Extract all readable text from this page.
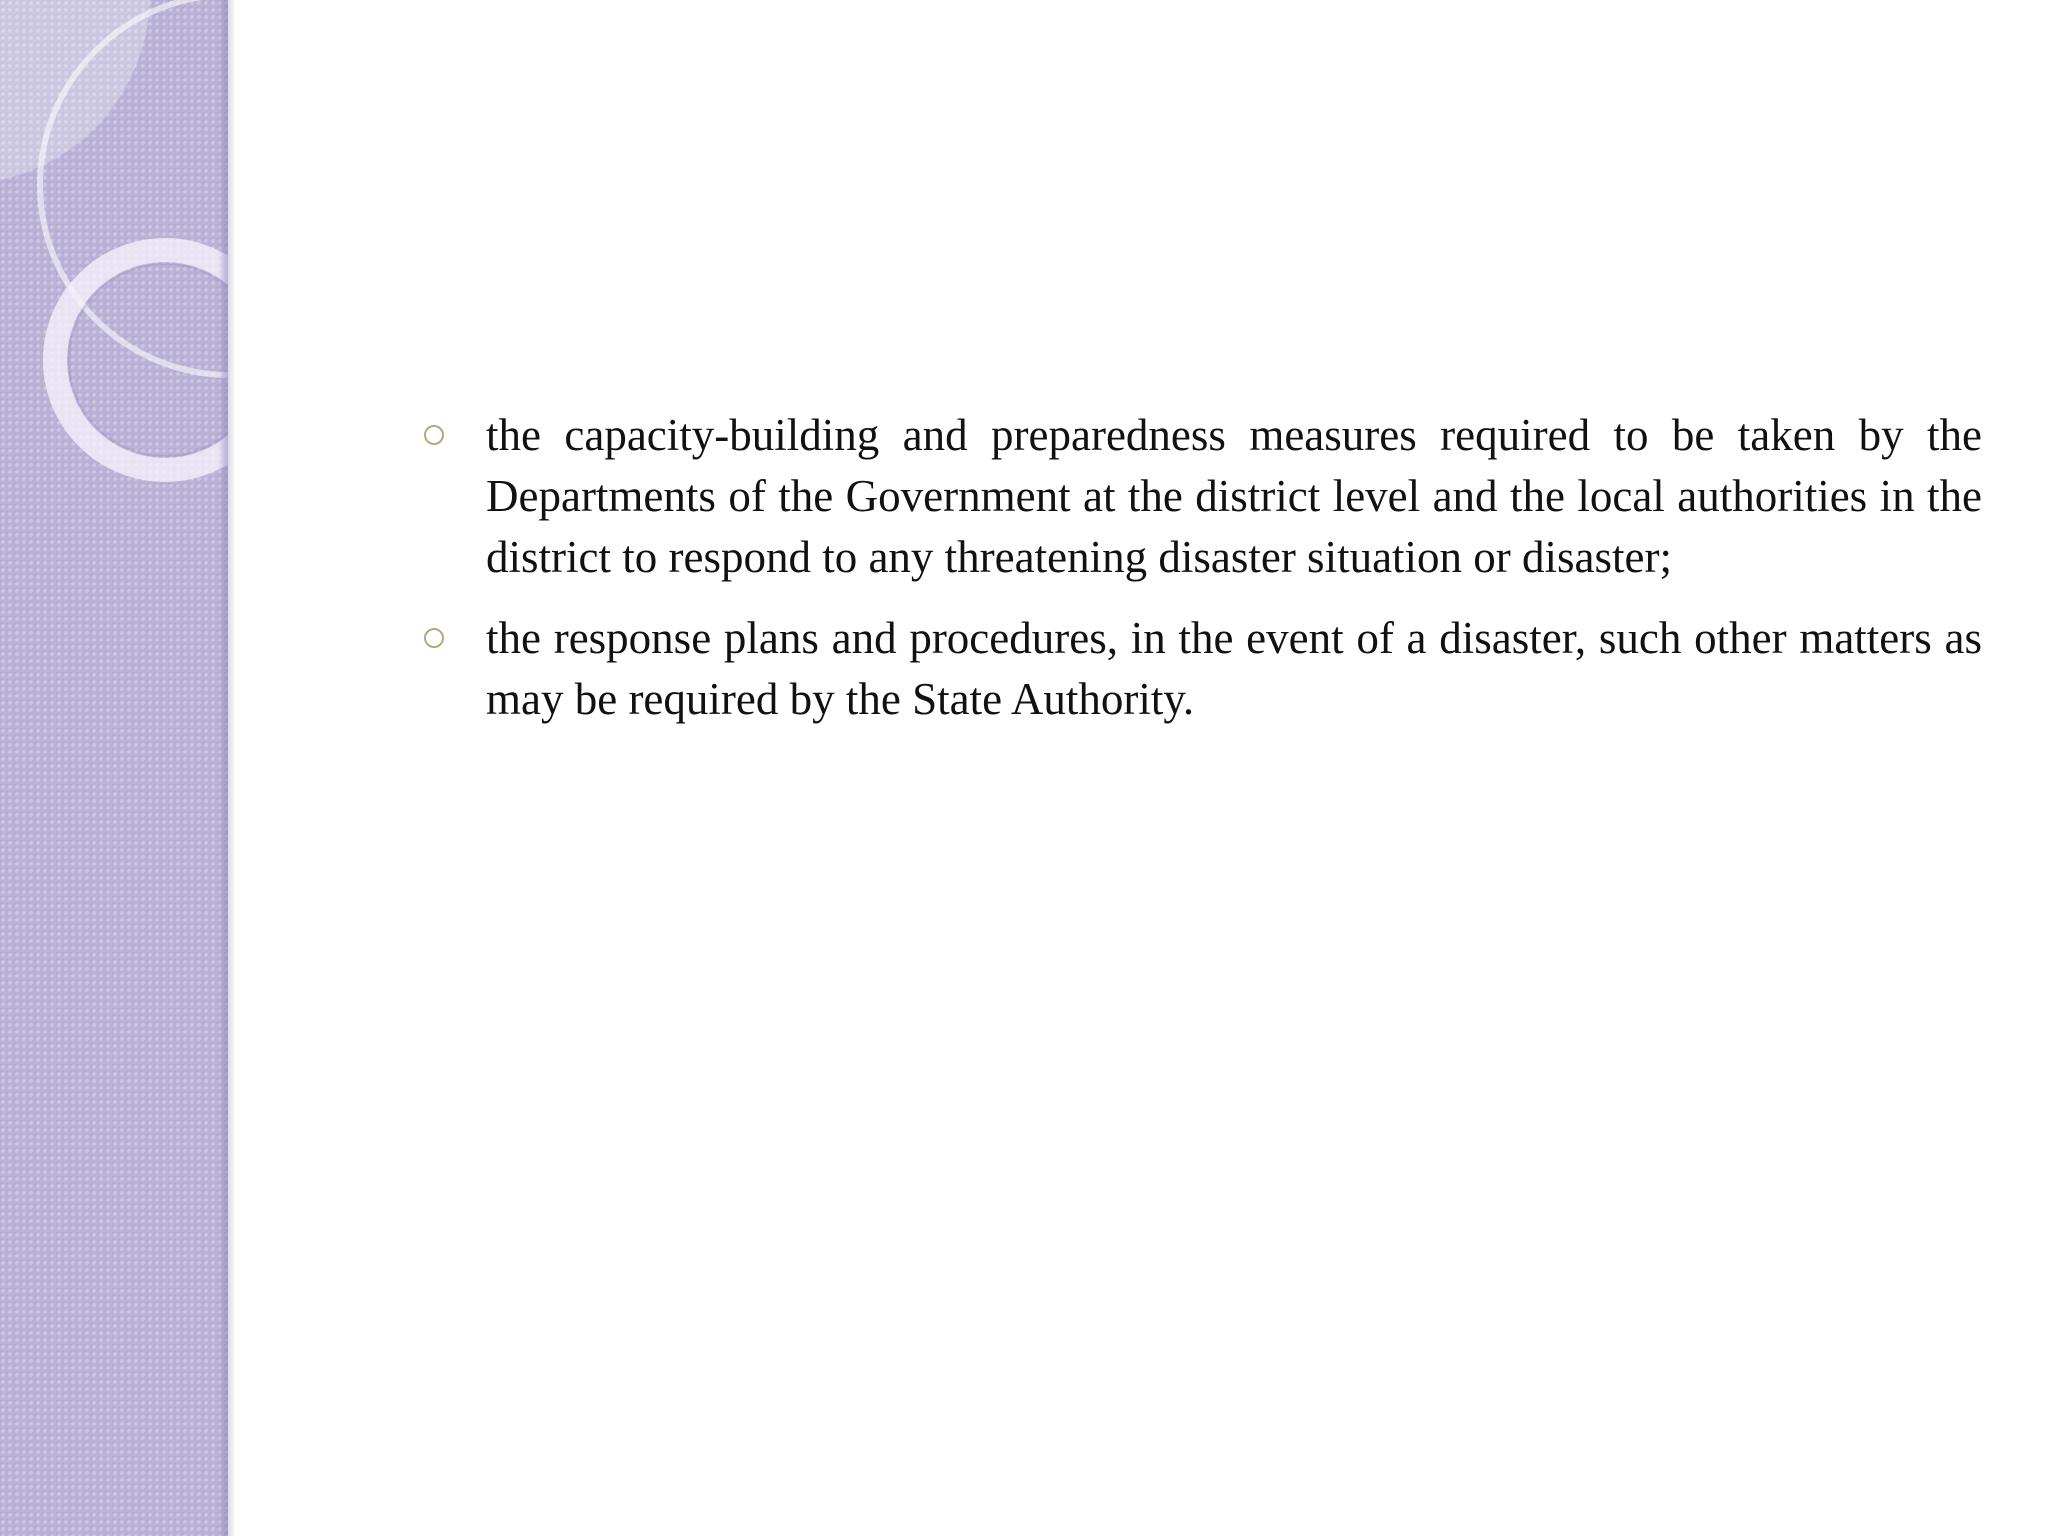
the capacity-building and preparedness measures required to be taken by the Departments of the Government at the district level and the local authorities in the district to respond to any threatening disaster situation or disaster;
the response plans and procedures, in the event of a disaster, such other matters as may be required by the State Authority.
